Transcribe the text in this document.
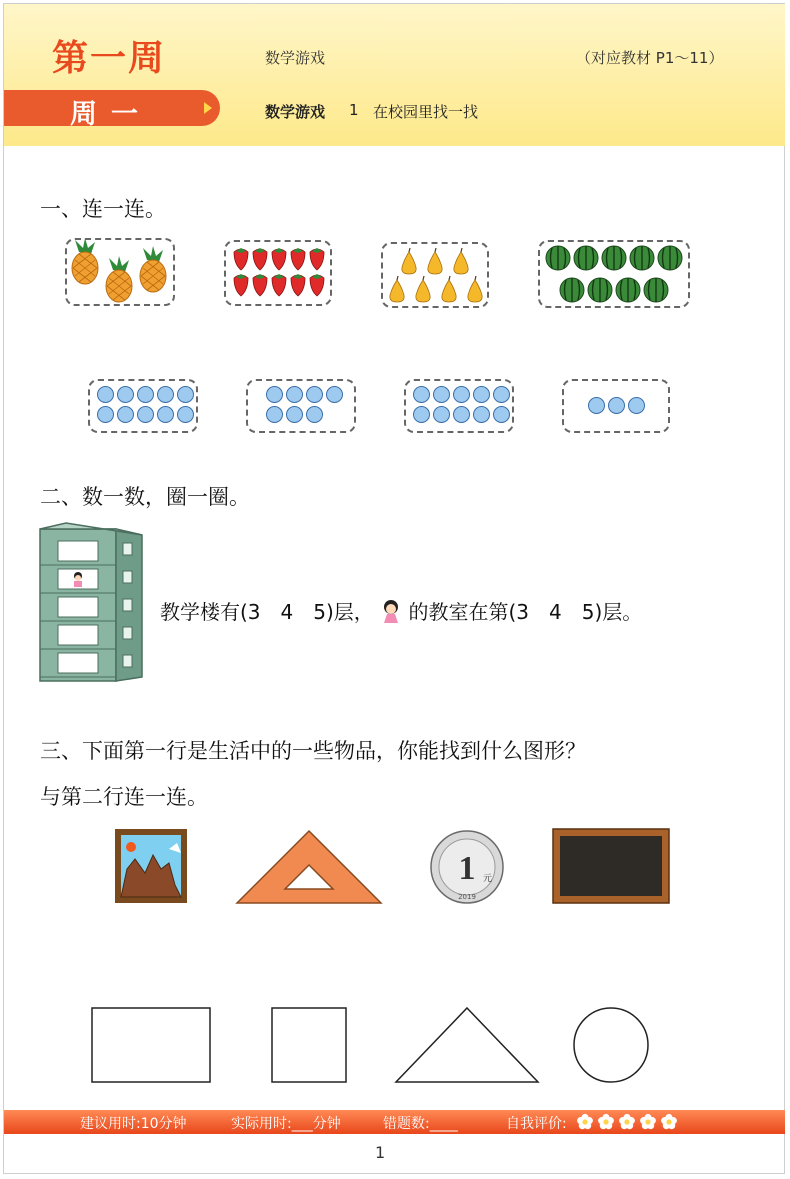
第一周	数学游戏	（对应教材 P1～11）
周一	数学游戏 1 在校园里找一找
一、连一连。
二、数一数，圈一圈。
教学楼有(3　4　5)层， 的教室在第(3　4　5)层。
三、下面第一行是生活中的一些物品，你能找到什么图形？
与第二行连一连。
1 元
2019
建议用时:10分钟	实际用时:___分钟	错题数:____	自我评价:
1
